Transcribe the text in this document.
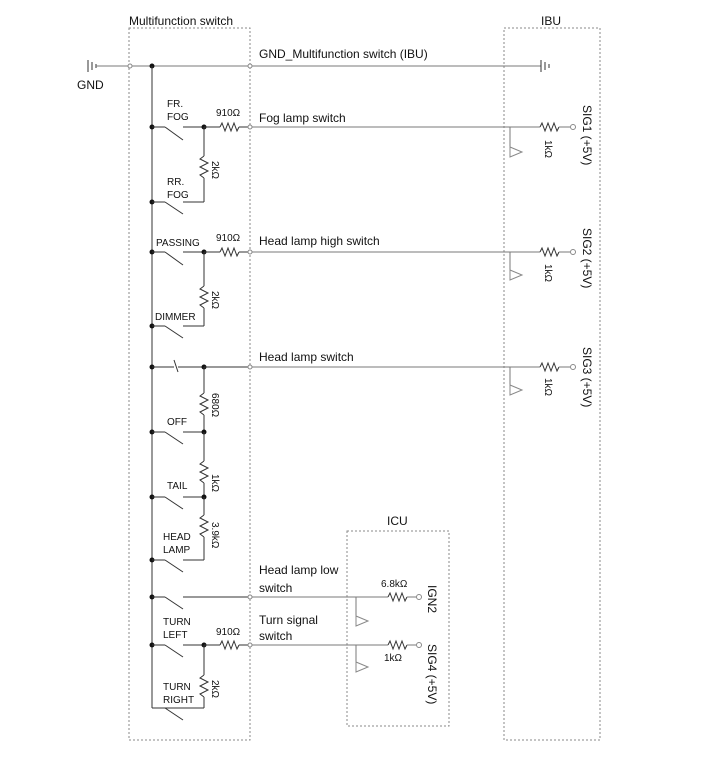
Multifunction switch	IBU
ICU
GND
GND_Multifunction switch (IBU)
FR.
FOG	910Ω Fog lamp switch
2kΩ
RR.
FOG
PASSING 910Ω Head lamp high switch
2kΩ
DIMMER
Head lamp switch
680Ω
OFF
1kΩ
TAIL
3.9kΩ
HEAD
LAMP
Head lamp low
switch
TURN
LEFT	910Ω
Turn signal
switch
2kΩ
TURN
RIGHT
1kΩ SIG1 (+5V)
1kΩ SIG2 (+5V)
1kΩ SIG3 (+5V)
6.8kΩ
IGN2
1kΩ SIG4 (+5V)
